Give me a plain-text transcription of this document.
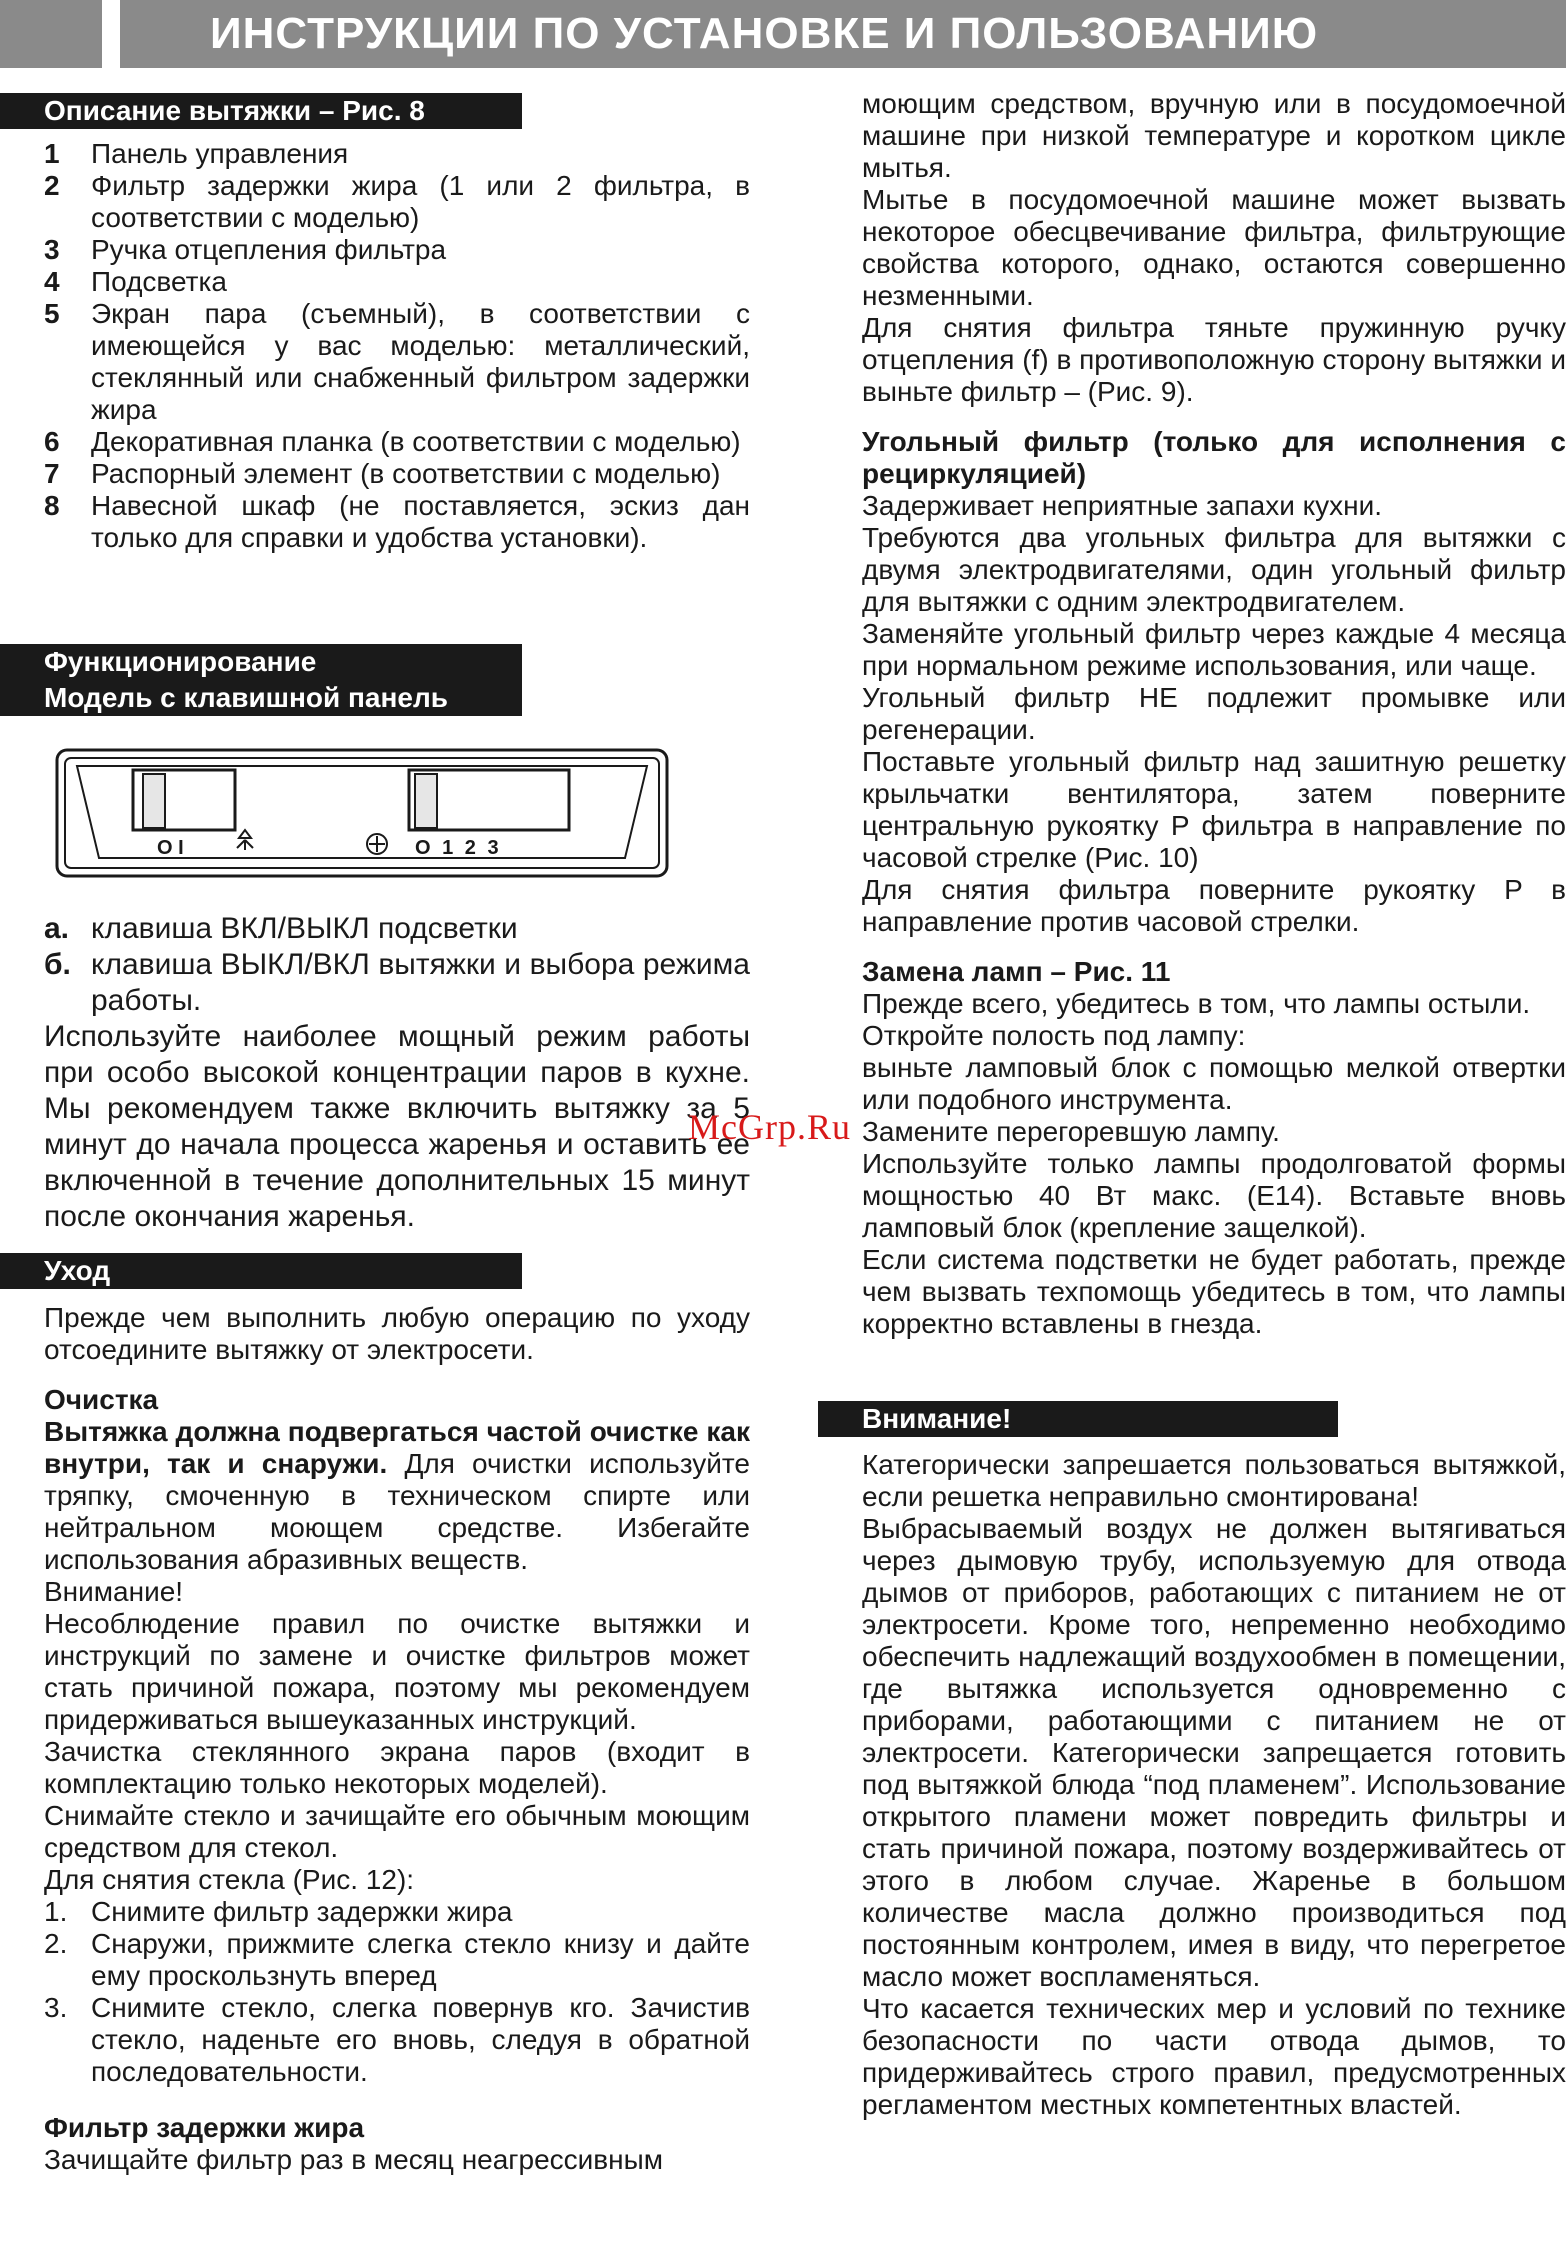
ИНСТРУКЦИИ ПО УСТАНОВКЕ И ПОЛЬЗОВАНИЮ
Описание вытяжки – Рис. 8
1 Панель управления
2 Фильтр задержки жира (1 или 2 фильтра, в соответствии с моделью)
3 Ручка отцепления фильтра
4 Подсветка
5 Экран пара (съемный), в соответствии с имеющейся у вас моделью: металлический, стеклянный или снабженный фильтром задержки жира
6 Декоративная планка (в соответствии с моделью)
7 Распорный элемент (в соответствии с моделью)
8 Навесной шкаф (не поставляется, эскиз дан только для справки и удобства установки).
Функционирование
Модель с клавишной панель
O I	O 1 2 3
а. клавиша ВКЛ/ВЫКЛ подсветки
б. клавиша ВЫКЛ/ВКЛ вытяжки и выбора режима работы.

Используйте наиболее мощный режим работы при особо высокой концентрации паров в кухне. Мы рекомендуем также включить вытяжку за 5 минут до начала процесса жаренья и оставить ее включенной в течение дополнительных 15 минут после окончания жаренья.

Уход

Прежде чем выполнить любую операцию по уходу отсоедините вытяжку от электросети.

Очистка

Вытяжка должна подвергаться частой очистке как внутри, так и снаружи. Для очистки используйте тряпку, смоченную в техническом спирте или нейтральном моющем средстве. Избегайте использования абразивных веществ.

Внимание!

Несоблюдение правил по очистке вытяжки и инструкций по замене и очистке фильтров может стать причиной пожара, поэтому мы рекомендуем придерживаться вышеуказанных инструкций.

Зачистка стеклянного экрана паров (входит в комплектацию только некоторых моделей).

Снимайте стекло и зачищайте его обычным моющим средством для стекол.

Для снятия стекла (Рис. 12):

1. Снимите фильтр задержки жира
2. Снаружи, прижмите слегка стекло книзу и дайте ему проскользнуть вперед
3. Снимите стекло, слегка повернув кго. Зачистив стекло, наденьте его вновь, следуя в обратной последовательности.

Фильтр задержки жира

Зачищайте фильтр раз в месяц неагрессивным

моющим средством, вручную или в посудомоечной машине при низкой температуре и коротком цикле мытья.

Мытье в посудомоечной машине может вызвать некоторое обесцвечивание фильтра, фильтрующие свойства которого, однако, остаются совершенно незменными.

Для снятия фильтра тяньте пружинную ручку отцепления (f) в противоположную сторону вытяжки и выньте фильтр – (Рис. 9).

Угольный фильтр (только для исполнения с рециркуляцией)

Задерживает неприятные запахи кухни.

Требуются два угольных фильтра для вытяжки с двумя электродвигателями, один угольный фильтр для вытяжки с одним электродвигателем.

Заменяйте угольный фильтр через каждые 4 месяца при нормальном режиме использования, или чаще.

Угольный фильтр НЕ подлежит промывке или регенерации.

Поставьте угольный фильтр над зашитную решетку крыльчатки вентилятора, затем поверните центральную рукоятку P фильтра в направление по часовой стрелке (Рис. 10)

Для снятия фильтра поверните рукоятку P в направление против часовой стрелки.

Замена ламп – Рис. 11

Прежде всего, убедитесь в том, что лампы остыли.

Откройте полость под лампу:

выньте ламповый блок с помощью мелкой отвертки или подобного инструмента.

Замените перегоревшую лампу.

Используйте только лампы продолговатой формы мощностью 40 Вт макс. (E14). Вставьте вновь ламповый блок (крепление защелкой).

Если система подстветки не будет работать, прежде чем вызвать техпомощь убедитесь в том, что лампы корректно вставлены в гнезда.

Внимание!

Категорически запрешается пользоваться вытяжкой, если решетка неправильно смонтирована!

Выбрасываемый воздух не должен вытягиваться через дымовую трубу, используемую для отвода дымов от приборов, работающих с питанием не от электросети. Кроме того, непременно необходимо обеспечить надлежащий воздухообмен в помещении, где вытяжка используется одновременно с приборами, работающими с питанием не от электросети. Категорически запрещается готовить под вытяжкой блюда “под пламенем”. Использование открытого пламени может повредить фильтры и стать причиной пожара, поэтому воздерживайтесь от этого в любом случае. Жаренье в большом количестве масла должно производиться под постоянным контролем, имея в виду, что перегретое масло может воспламеняться.

Что касается технических мер и условий по технике безопасности по части отвода дымов, то придерживайтесь строго правил, предусмотренных регламентом местных компетентных властей.

McGrp.Ru
